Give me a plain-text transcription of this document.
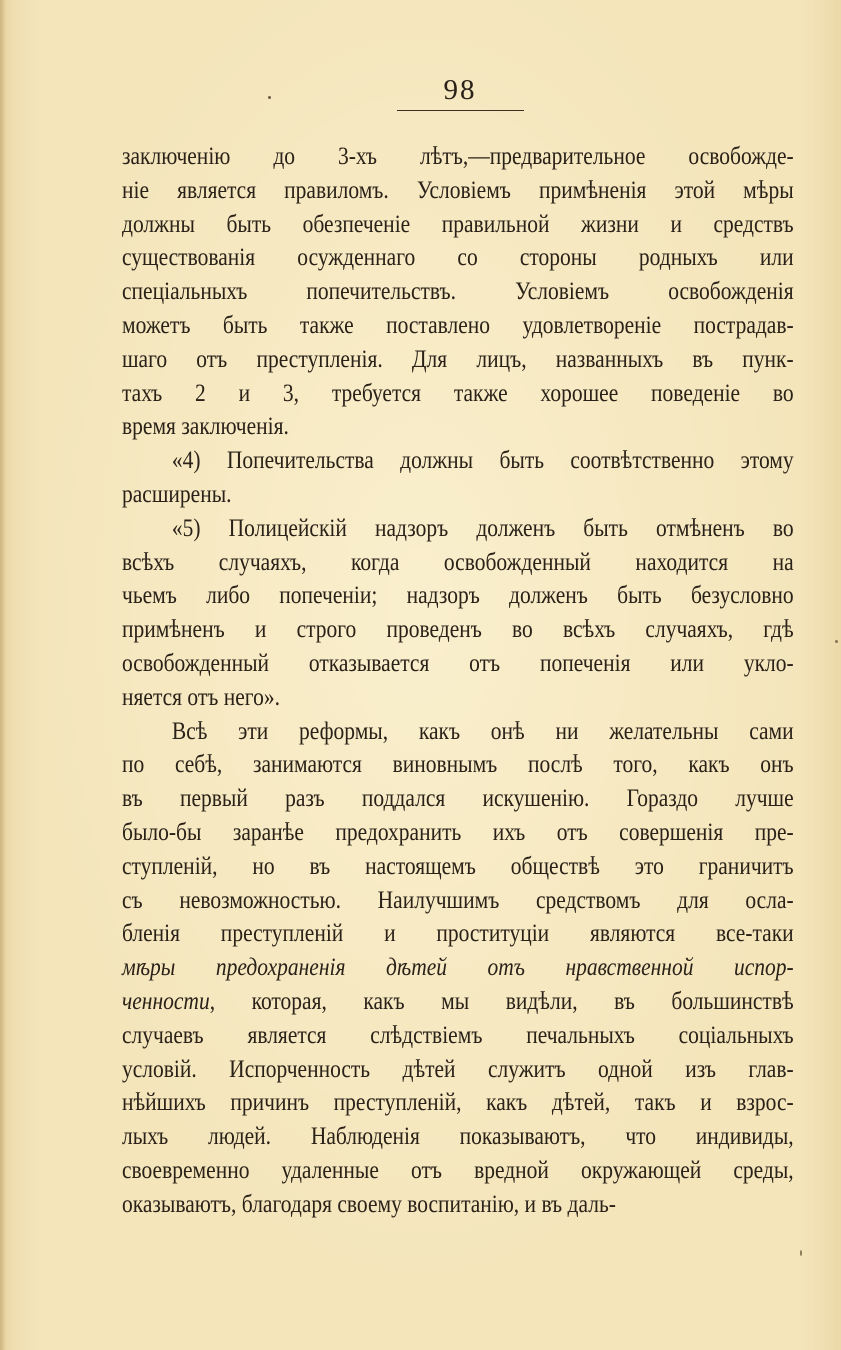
98
заключенію до 3-хъ лѣтъ,—предварительное освобожде-
ніе является правиломъ. Условіемъ примѣненія этой мѣры
должны быть обезпеченіе правильной жизни и средствъ
существованія осужденнаго со стороны родныхъ или
спеціальныхъ попечительствъ. Условіемъ освобожденія
можетъ быть также поставлено удовлетвореніе пострадав-
шаго отъ преступленія. Для лицъ, названныхъ въ пунк-
тахъ 2 и 3, требуется также хорошее поведеніе во
время заключенія.
«4) Попечительства должны быть соотвѣтственно этому
расширены.
«5) Полицейскій надзоръ долженъ быть отмѣненъ во
всѣхъ случаяхъ, когда освобожденный находится на
чьемъ либо попеченіи; надзоръ долженъ быть безусловно
примѣненъ и строго проведенъ во всѣхъ случаяхъ, гдѣ
освобожденный отказывается отъ попеченія или укло-
няется отъ него».
Всѣ эти реформы, какъ онѣ ни желательны сами
по себѣ, занимаются виновнымъ послѣ того, какъ онъ
въ первый разъ поддался искушенію. Гораздо лучше
было-бы заранѣе предохранить ихъ отъ совершенія пре-
ступленій, но въ настоящемъ обществѣ это граничитъ
съ невозможностью. Наилучшимъ средствомъ для осла-
бленія преступленій и проституціи являются все-таки
мѣры предохраненія дѣтей отъ нравственной испор-
ченности, которая, какъ мы видѣли, въ большинствѣ
случаевъ является слѣдствіемъ печальныхъ соціальныхъ
условій. Испорченность дѣтей служитъ одной изъ глав-
нѣйшихъ причинъ преступленій, какъ дѣтей, такъ и взрос-
лыхъ людей. Наблюденія показываютъ, что индивиды,
своевременно удаленные отъ вредной окружающей среды,
оказываютъ, благодаря своему воспитанію, и въ даль-
